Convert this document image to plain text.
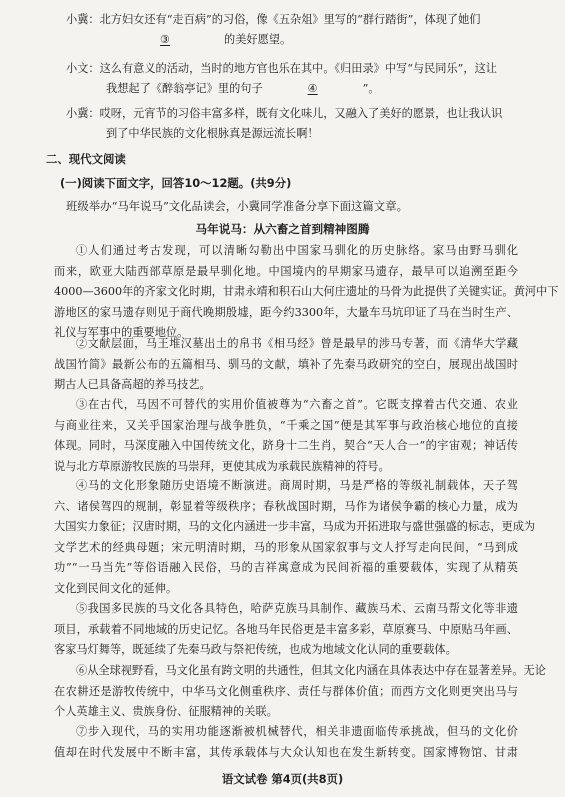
小冀：北方妇女还有“走百病”的习俗，像《五杂俎》里写的“群行踏街”，体现了她们

③	的美好愿望。

小文：这么有意义的活动，当时的地方官也乐在其中。《归田录》中写“与民同乐”，这让

我想起了《醉翁亭记》里的句子	④	”。

小冀：哎呀，元宵节的习俗丰富多样，既有文化味儿，又融入了美好的愿景，也让我认识

到了中华民族的文化根脉真是源远流长啊！

二、现代文阅读
(一)阅读下面文字，回答10～12题。(共9分)
班级举办“马年说马”文化品读会，小冀同学准备分享下面这篇文章。
马年说马：从六畜之首到精神图腾

①人们通过考古发现，可以清晰勾勒出中国家马驯化的历史脉络。家马由野马驯化

而来，欧亚大陆西部草原是最早驯化地。中国境内的早期家马遗存，最早可以追溯至距今

4000—3600年的齐家文化时期，甘肃永靖和积石山大何庄遗址的马骨为此提供了关键实证。黄河中下

游地区的家马遗存则见于商代晚期殷墟，距今约3300年，大量车马坑印证了马在当时生产、

礼仪与军事中的重要地位。

②文献层面，马王堆汉墓出土的帛书《相马经》曾是最早的涉马专著，而《清华大学藏

战国竹简》最新公布的五篇相马、驯马的文献，填补了先秦马政研究的空白，展现出战国时

期古人已具备高超的养马技艺。

③在古代，马因不可替代的实用价值被尊为“六畜之首”。它既支撑着古代交通、农业

与商业往来，又关乎国家治理与战争胜负，“千乘之国”便是其军事与政治核心地位的直接

体现。同时，马深度融入中国传统文化，跻身十二生肖，契合“天人合一”的宇宙观；神话传

说与北方草原游牧民族的马崇拜，更使其成为承载民族精神的符号。

④马的文化形象随历史语境不断演进。商周时期，马是严格的等级礼制载体，天子驾

六、诸侯驾四的规制，彰显着等级秩序；春秋战国时期，马作为诸侯争霸的核心力量，成为

大国实力象征；汉唐时期，马的文化内涵进一步丰富，马成为开拓进取与盛世强盛的标志，更成为

文学艺术的经典母题；宋元明清时期，马的形象从国家叙事与文人抒写走向民间，“马到成

功”“一马当先”等俗语融入民俗，马的吉祥寓意成为民间祈福的重要载体，实现了从精英

文化到民间文化的延伸。

⑤我国多民族的马文化各具特色，哈萨克族马具制作、藏族马术、云南马帮文化等非遗

项目，承载着不同地域的历史记忆。各地马年民俗更是丰富多彩，草原赛马、中原贴马年画、

客家马灯舞等，既延续了先秦马政与祭祀传统，也成为地域文化认同的重要载体。

⑥从全球视野看，马文化虽有跨文明的共通性，但其文化内涵在具体表达中存在显著差异。无论

在农耕还是游牧传统中，中华马文化侧重秩序、责任与群体价值；而西方文化则更突出马与

个人英雄主义、贵族身份、征服精神的关联。

⑦步入现代，马的实用功能逐渐被机械替代，相关非遗面临传承挑战，但马的文化价

值却在时代发展中不断丰富，其传承载体与大众认知也在发生新转变。国家博物馆、甘肃

语文试卷 第4页(共8页)
